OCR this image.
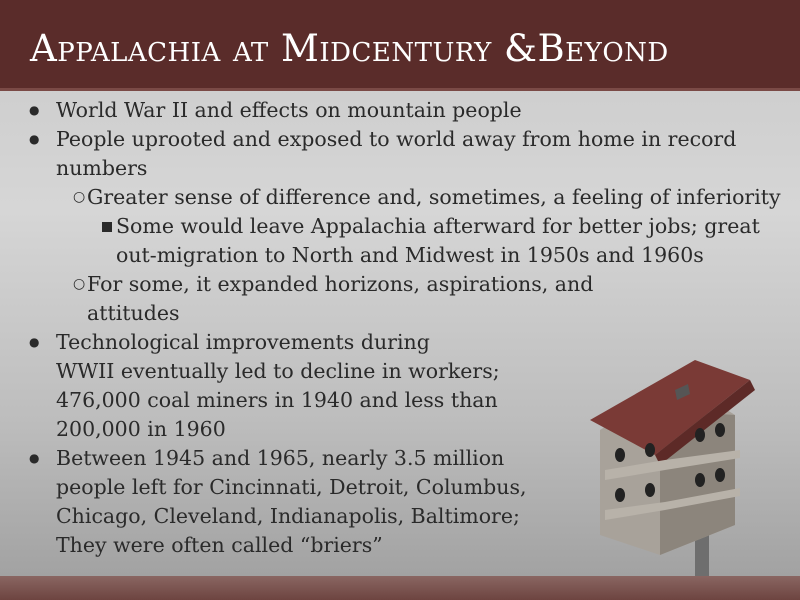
Appalachia at Midcentury &Beyond
● World War II and effects on mountain people
● People uprooted and exposed to world away from home in record
numbers
○ Greater sense of difference and, sometimes, a feeling of inferiority
Some would leave Appalachia afterward for better jobs; great
out-migration to North and Midwest in 1950s and 1960s
○ For some, it expanded horizons, aspirations, and
attitudes
● Technological improvements during
WWII eventually led to decline in workers;
476,000 coal miners in 1940 and less than
200,000 in 1960
● Between 1945 and 1965, nearly 3.5 million
people left for Cincinnati, Detroit, Columbus,
Chicago, Cleveland, Indianapolis, Baltimore;
They were often called “briers”
